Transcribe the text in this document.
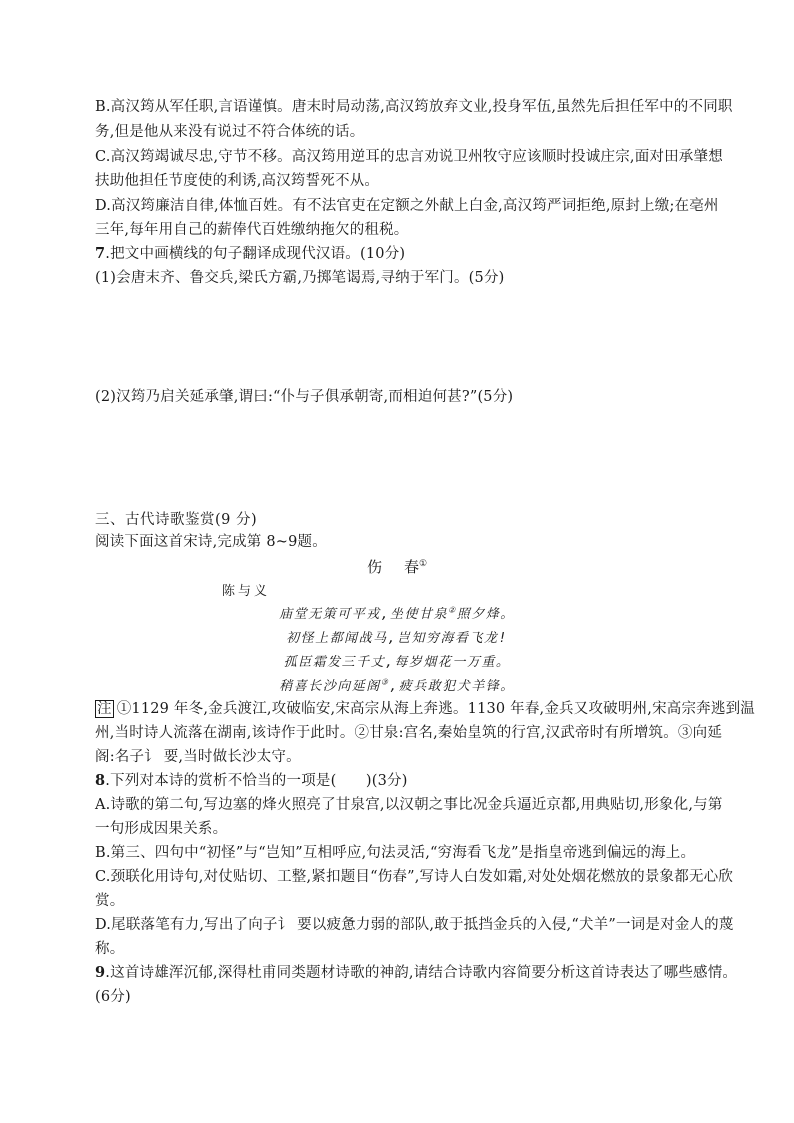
B.高汉筠从军任职,言语谨慎。唐末时局动荡,高汉筠放弃文业,投身军伍,虽然先后担任军中的不同职
务,但是他从来没有说过不符合体统的话。
C.高汉筠竭诚尽忠,守节不移。高汉筠用逆耳的忠言劝说卫州牧守应该顺时投诚庄宗,面对田承肇想
扶助他担任节度使的利诱,高汉筠誓死不从。
D.高汉筠廉洁自律,体恤百姓。有不法官吏在定额之外献上白金,高汉筠严词拒绝,原封上缴;在亳州
三年,每年用自己的薪俸代百姓缴纳拖欠的租税。
7.把文中画横线的句子翻译成现代汉语。(10分)
(1)会唐末齐、鲁交兵,梁氏方霸,乃掷笔谒焉,寻纳于军门。(5分)
(2)汉筠乃启关延承肇,谓曰:“仆与子俱承朝寄,而相迫何甚?”(5分)
三、古代诗歌鉴赏(9 分)
阅读下面这首宋诗,完成第 8~9题。
伤 春①
陈与义
庙堂无策可平戎,坐使甘泉②照夕烽。
初怪上都闻战马,岂知穷海看飞龙!
孤臣霜发三千丈,每岁烟花一万重。
稍喜长沙向延阁③,疲兵敢犯犬羊锋。
注 ①1129 年冬,金兵渡江,攻破临安,宋高宗从海上奔逃。1130 年春,金兵又攻破明州,宋高宗奔逃到温
州,当时诗人流落在湖南,该诗作于此时。②甘泉:宫名,秦始皇筑的行宫,汉武帝时有所增筑。③向延
阁:名子讠 要,当时做长沙太守。
8.下列对本诗的赏析不恰当的一项是(　　)(3分)
A.诗歌的第二句,写边塞的烽火照亮了甘泉宫,以汉朝之事比况金兵逼近京都,用典贴切,形象化,与第
一句形成因果关系。
B.第三、四句中“初怪”与“岂知”互相呼应,句法灵活,“穷海看飞龙”是指皇帝逃到偏远的海上。
C.颈联化用诗句,对仗贴切、工整,紧扣题目“伤春”,写诗人白发如霜,对处处烟花燃放的景象都无心欣
赏。
D.尾联落笔有力,写出了向子讠 要以疲惫力弱的部队,敢于抵挡金兵的入侵,“犬羊”一词是对金人的蔑
称。
9.这首诗雄浑沉郁,深得杜甫同类题材诗歌的神韵,请结合诗歌内容简要分析这首诗表达了哪些感情。
(6分)
